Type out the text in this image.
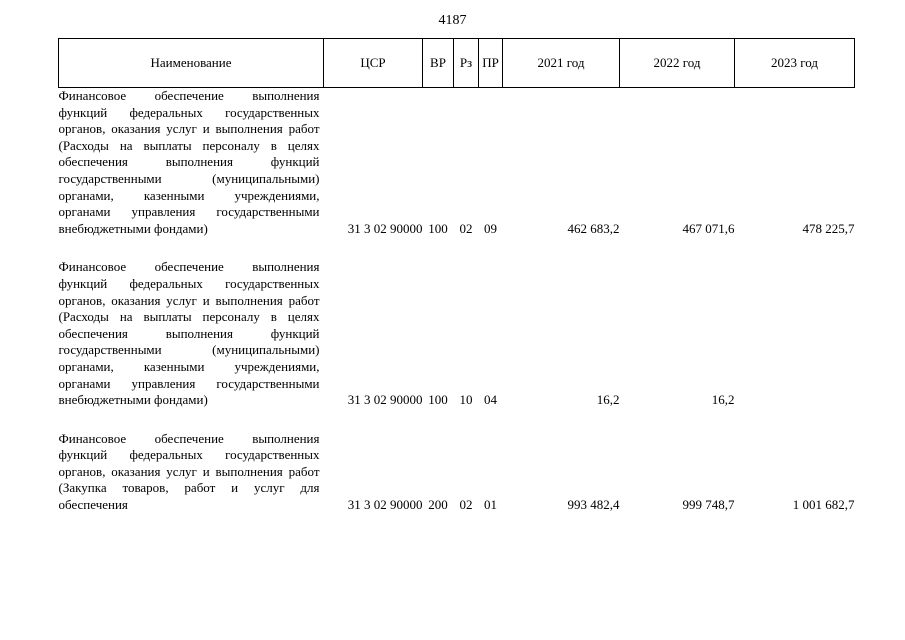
4187
Наименование	ЦСР	ВР	Рз	ПР	2021 год	2022 год	2023 год

Финансовое обеспечение выполнения функций федеральных государственных органов, оказания услуг и выполнения работ (Расходы на выплаты персоналу в целях обеспечения выполнения функций государственными (муниципальными) органами, казенными учреждениями, органами управления государственными внебюджетными фондами)	31 3 02 90000	100	02	09	462 683,2	467 071,6	478 225,7

Финансовое обеспечение выполнения функций федеральных государственных органов, оказания услуг и выполнения работ (Расходы на выплаты персоналу в целях обеспечения выполнения функций государственными (муниципальными) органами, казенными учреждениями, органами управления государственными внебюджетными фондами)	31 3 02 90000	100	10	04	16,2	16,2	

Финансовое обеспечение выполнения функций федеральных государственных органов, оказания услуг и выполнения работ (Закупка товаров, работ и услуг для обеспечения	31 3 02 90000	200	02	01	993 482,4	999 748,7	1 001 682,7
